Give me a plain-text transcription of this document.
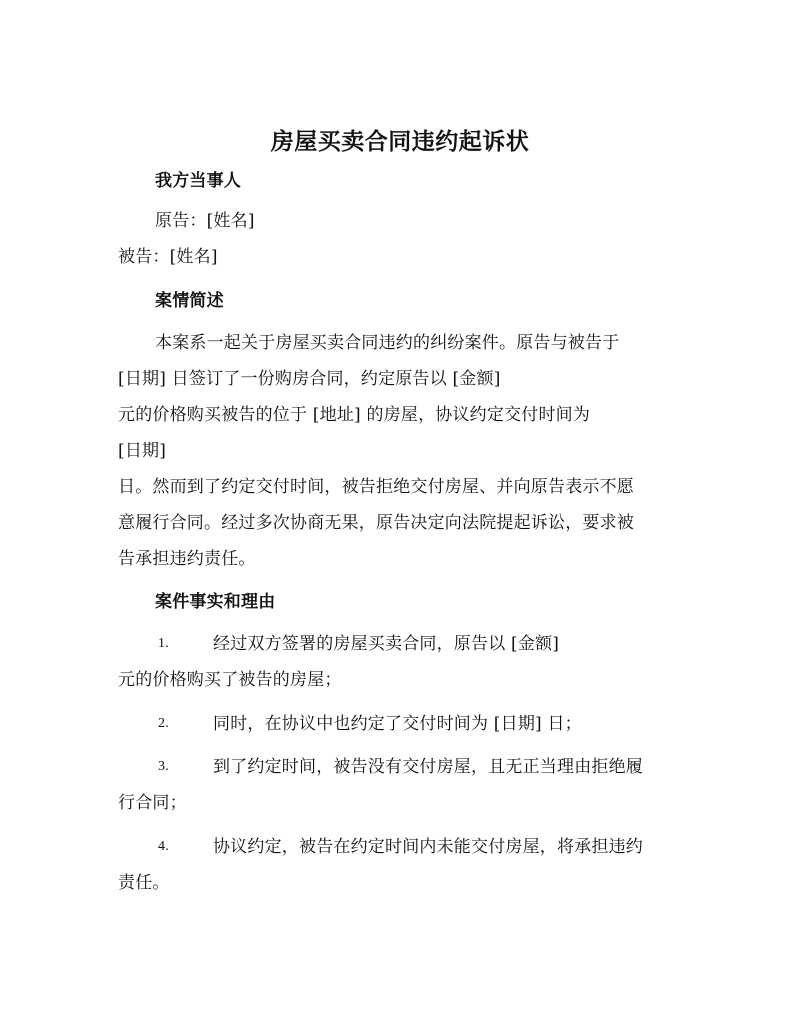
房屋买卖合同违约起诉状
我方当事人
原告：[姓名]
被告：[姓名]
案情简述
本案系一起关于房屋买卖合同违约的纠纷案件。原告与被告于
[日期] 日签订了一份购房合同，约定原告以 [金额]
元的价格购买被告的位于 [地址] 的房屋，协议约定交付时间为
[日期]
日。然而到了约定交付时间，被告拒绝交付房屋、并向原告表示不愿
意履行合同。经过多次协商无果，原告决定向法院提起诉讼，要求被
告承担违约责任。
案件事实和理由
1.	经过双方签署的房屋买卖合同，原告以 [金额]
元的价格购买了被告的房屋；
2.	同时，在协议中也约定了交付时间为 [日期] 日；
3.	到了约定时间，被告没有交付房屋，且无正当理由拒绝履
行合同；
4.	协议约定，被告在约定时间内未能交付房屋，将承担违约
责任。
